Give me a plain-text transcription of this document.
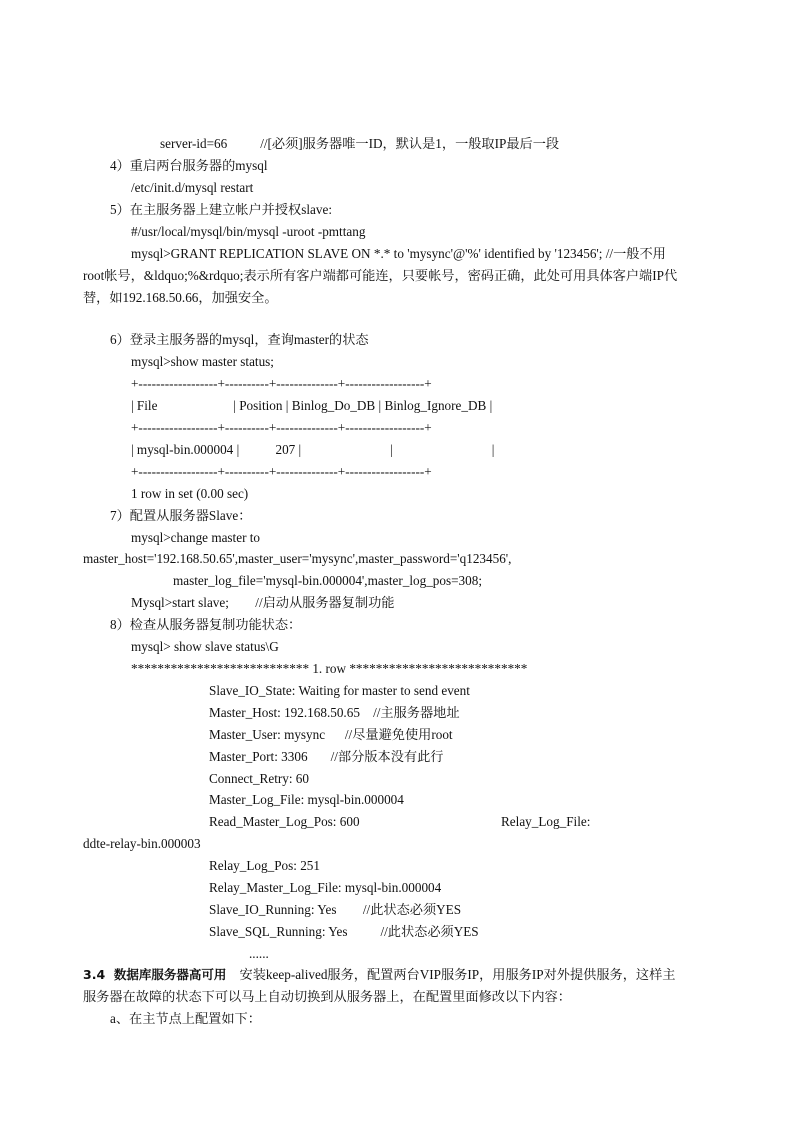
server-id=66          //[必须]服务器唯一ID，默认是1，一般取IP最后一段
4）重启两台服务器的mysql
/etc/init.d/mysql restart
5）在主服务器上建立帐户并授权slave:
#/usr/local/mysql/bin/mysql -uroot -pmttang
mysql>GRANT REPLICATION SLAVE ON *.* to 'mysync'@'%' identified by '123456'; //一般不用
root帐号，&ldquo;%&rdquo;表示所有客户端都可能连，只要帐号，密码正确，此处可用具体客户端IP代
替，如192.168.50.66，加强安全。
6）登录主服务器的mysql，查询master的状态
mysql>show master status;
+------------------+----------+--------------+------------------+
| File                       | Position | Binlog_Do_DB | Binlog_Ignore_DB |
+------------------+----------+--------------+------------------+
| mysql-bin.000004 |           207 |                           |                              |
+------------------+----------+--------------+------------------+
1 row in set (0.00 sec)
7）配置从服务器Slave：
mysql>change master to
master_host='192.168.50.65',master_user='mysync',master_password='q123456',
master_log_file='mysql-bin.000004',master_log_pos=308;
Mysql>start slave;        //启动从服务器复制功能
8）检查从服务器复制功能状态：
mysql> show slave status\G
*************************** 1. row ***************************
Slave_IO_State: Waiting for master to send event
Master_Host: 192.168.50.65    //主服务器地址
Master_User: mysync      //尽量避免使用root
Master_Port: 3306       //部分版本没有此行
Connect_Retry: 60
Master_Log_File: mysql-bin.000004
Read_Master_Log_Pos: 600	Relay_Log_File:
ddte-relay-bin.000003
Relay_Log_Pos: 251
Relay_Master_Log_File: mysql-bin.000004
Slave_IO_Running: Yes        //此状态必须YES
Slave_SQL_Running: Yes          //此状态必须YES
......
3.4  数据库服务器高可用    安装keep-alived服务，配置两台VIP服务IP，用服务IP对外提供服务，这样主
服务器在故障的状态下可以马上自动切换到从服务器上，在配置里面修改以下内容：
a、在主节点上配置如下：
